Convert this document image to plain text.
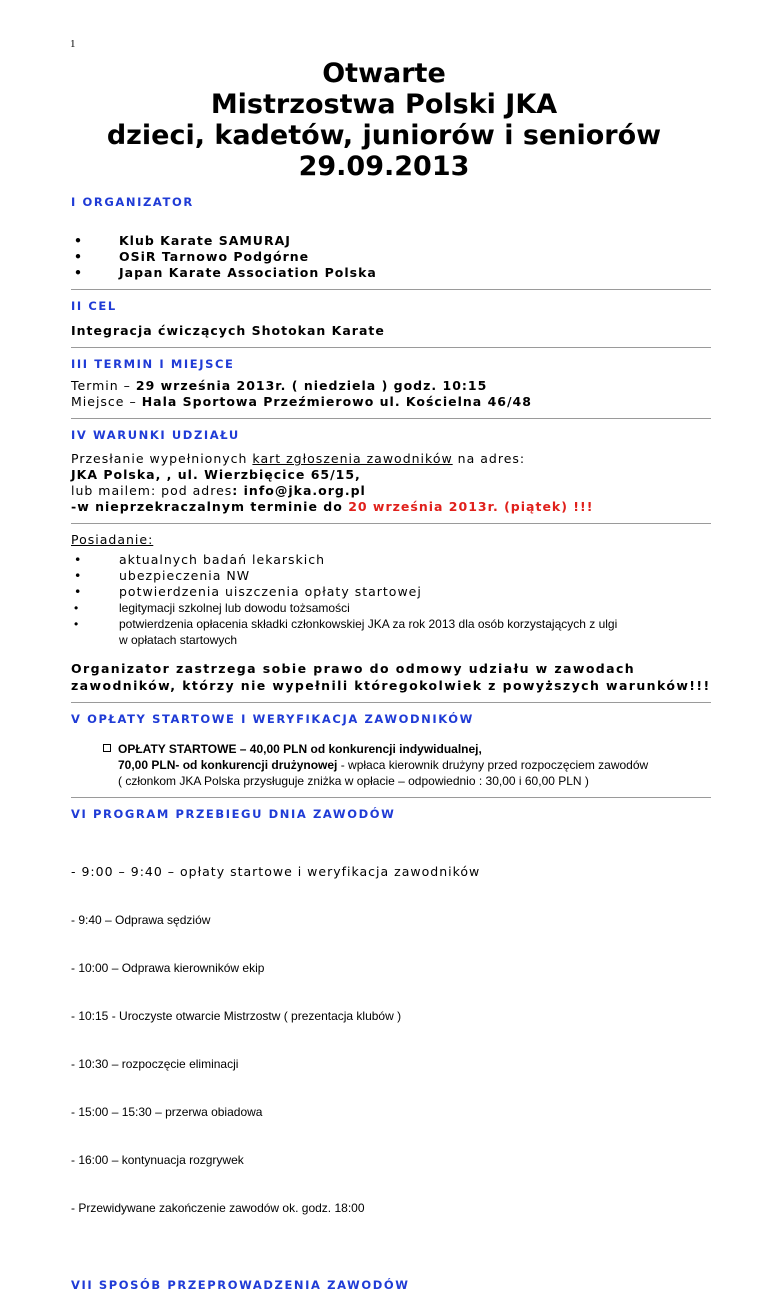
1
Otwarte
Mistrzostwa Polski JKA
dzieci, kadetów, juniorów i seniorów
29.09.2013

I ORGANIZATOR

•	Klub Karate SAMURAJ
•	OSiR Tarnowo Podgórne
•	Japan Karate Association Polska

II CEL

Integracja ćwiczących Shotokan Karate

III TERMIN I MIEJSCE

Termin – 29 września 2013r. ( niedziela ) godz. 10:15
Miejsce – Hala Sportowa Przeźmierowo ul. Kościelna 46/48

IV WARUNKI UDZIAŁU

Przesłanie wypełnionych kart zgłoszenia zawodników na adres:
JKA Polska, , ul. Wierzbięcice 65/15,
lub mailem: pod adres: info@jka.org.pl
-w nieprzekraczalnym terminie do 20 września 2013r. (piątek) !!!
Posiadanie:
•	aktualnych badań lekarskich
•	ubezpieczenia NW
•	potwierdzenia uiszczenia opłaty startowej
•	legitymacji szkolnej lub dowodu tożsamości
•	potwierdzenia opłacenia składki członkowskiej JKA za rok 2013 dla osób korzystających z ulgi
w opłatach startowych
Organizator zastrzega sobie prawo do odmowy udziału w zawodach
zawodników, którzy nie wypełnili któregokolwiek z powyższych warunków!!!

V OPŁATY STARTOWE I WERYFIKACJA ZAWODNIKÓW

OPŁATY STARTOWE – 40,00 PLN od konkurencji indywidualnej,
70,00 PLN- od konkurencji drużynowej - wpłaca kierownik drużyny przed rozpoczęciem zawodów
( członkom JKA Polska przysługuje zniżka w opłacie – odpowiednio : 30,00 i 60,00 PLN )

VI PROGRAM PRZEBIEGU DNIA ZAWODÓW

- 9:00 – 9:40 – opłaty startowe i weryfikacja zawodników

- 9:40 – Odprawa sędziów

- 10:00 – Odprawa kierowników ekip

- 10:15 - Uroczyste otwarcie Mistrzostw ( prezentacja klubów )

- 10:30 – rozpoczęcie eliminacji

- 15:00 – 15:30 – przerwa obiadowa

- 16:00 – kontynuacja rozgrywek

- Przewidywane zakończenie zawodów ok. godz. 18:00

VII SPOSÓB PRZEPROWADZENIA ZAWODÓW
